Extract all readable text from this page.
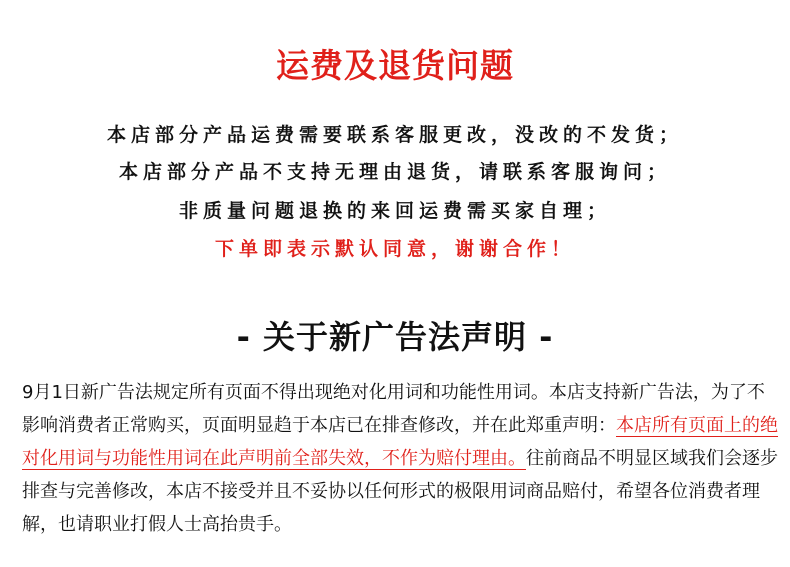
运费及退货问题
本店部分产品运费需要联系客服更改，没改的不发货；
本店部分产品不支持无理由退货，请联系客服询问；
非质量问题退换的来回运费需买家自理；
下单即表示默认同意，谢谢合作！
- 关于新广告法声明 -
9月1日新广告法规定所有页面不得出现绝对化用词和功能性用词。本店支持新广告法，为了不影响消费者正常购买，页面明显趋于本店已在排查修改，并在此郑重声明：本店所有页面上的绝对化用词与功能性用词在此声明前全部失效，不作为赔付理由。往前商品不明显区域我们会逐步排查与完善修改，本店不接受并且不妥协以任何形式的极限用词商品赔付，希望各位消费者理解，也请职业打假人士高抬贵手。
